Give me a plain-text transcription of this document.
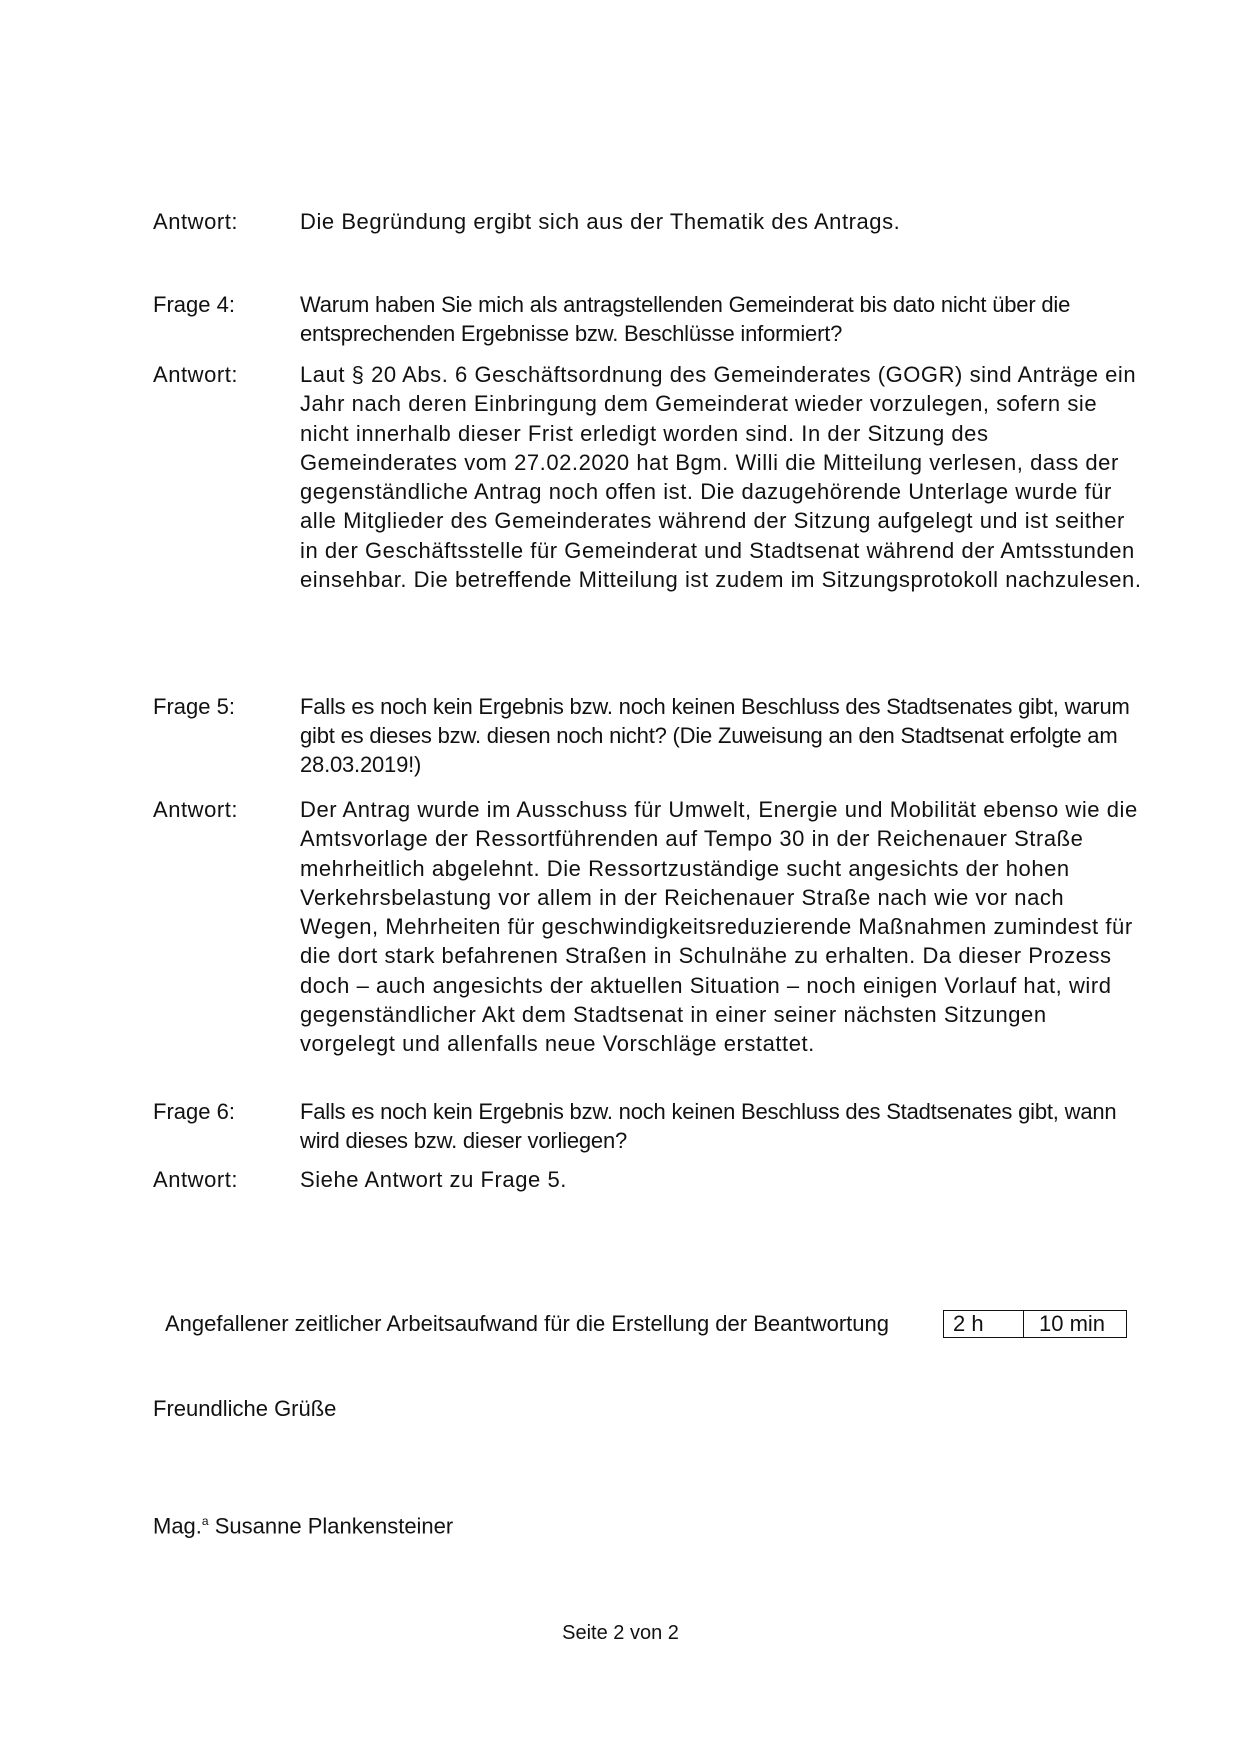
Antwort:	Die Begründung ergibt sich aus der Thematik des Antrags.
Frage 4:	Warum haben Sie mich als antragstellenden Gemeinderat bis dato nicht über die entsprechenden Ergebnisse bzw. Beschlüsse informiert?
Antwort:	Laut § 20 Abs. 6 Geschäftsordnung des Gemeinderates (GOGR) sind Anträge ein Jahr nach deren Einbringung dem Gemeinderat wieder vorzulegen, sofern sie nicht innerhalb dieser Frist erledigt worden sind. In der Sitzung des Gemeinderates vom 27.02.2020 hat Bgm. Willi die Mitteilung verlesen, dass der gegenständliche Antrag noch offen ist. Die dazugehörende Unterlage wurde für alle Mitglieder des Gemeinderates während der Sitzung aufgelegt und ist seither in der Geschäftsstelle für Gemeinderat und Stadtsenat während der Amtsstunden einsehbar. Die betreffende Mitteilung ist zudem im Sitzungsprotokoll nachzulesen.
Frage 5:	Falls es noch kein Ergebnis bzw. noch keinen Beschluss des Stadtsenates gibt, warum gibt es dieses bzw. diesen noch nicht? (Die Zuweisung an den Stadtsenat erfolgte am 28.03.2019!)
Antwort:	Der Antrag wurde im Ausschuss für Umwelt, Energie und Mobilität ebenso wie die Amtsvorlage der Ressortführenden auf Tempo 30 in der Reichenauer Straße mehrheitlich abgelehnt. Die Ressortzuständige sucht angesichts der hohen Verkehrsbelastung vor allem in der Reichenauer Straße nach wie vor nach Wegen, Mehrheiten für geschwindigkeitsreduzierende Maßnahmen zumindest für die dort stark befahrenen Straßen in Schulnähe zu erhalten. Da dieser Prozess doch – auch angesichts der aktuellen Situation – noch einigen Vorlauf hat, wird gegenständlicher Akt dem Stadtsenat in einer seiner nächsten Sitzungen vorgelegt und allenfalls neue Vorschläge erstattet.
Frage 6:	Falls es noch kein Ergebnis bzw. noch keinen Beschluss des Stadtsenates gibt, wann wird dieses bzw. dieser vorliegen?
Antwort:	Siehe Antwort zu Frage 5.
Angefallener zeitlicher Arbeitsaufwand für die Erstellung der Beantwortung	2 h	10 min
Freundliche Grüße
Mag.$^a$ Susanne Plankensteiner
Seite 2 von 2
